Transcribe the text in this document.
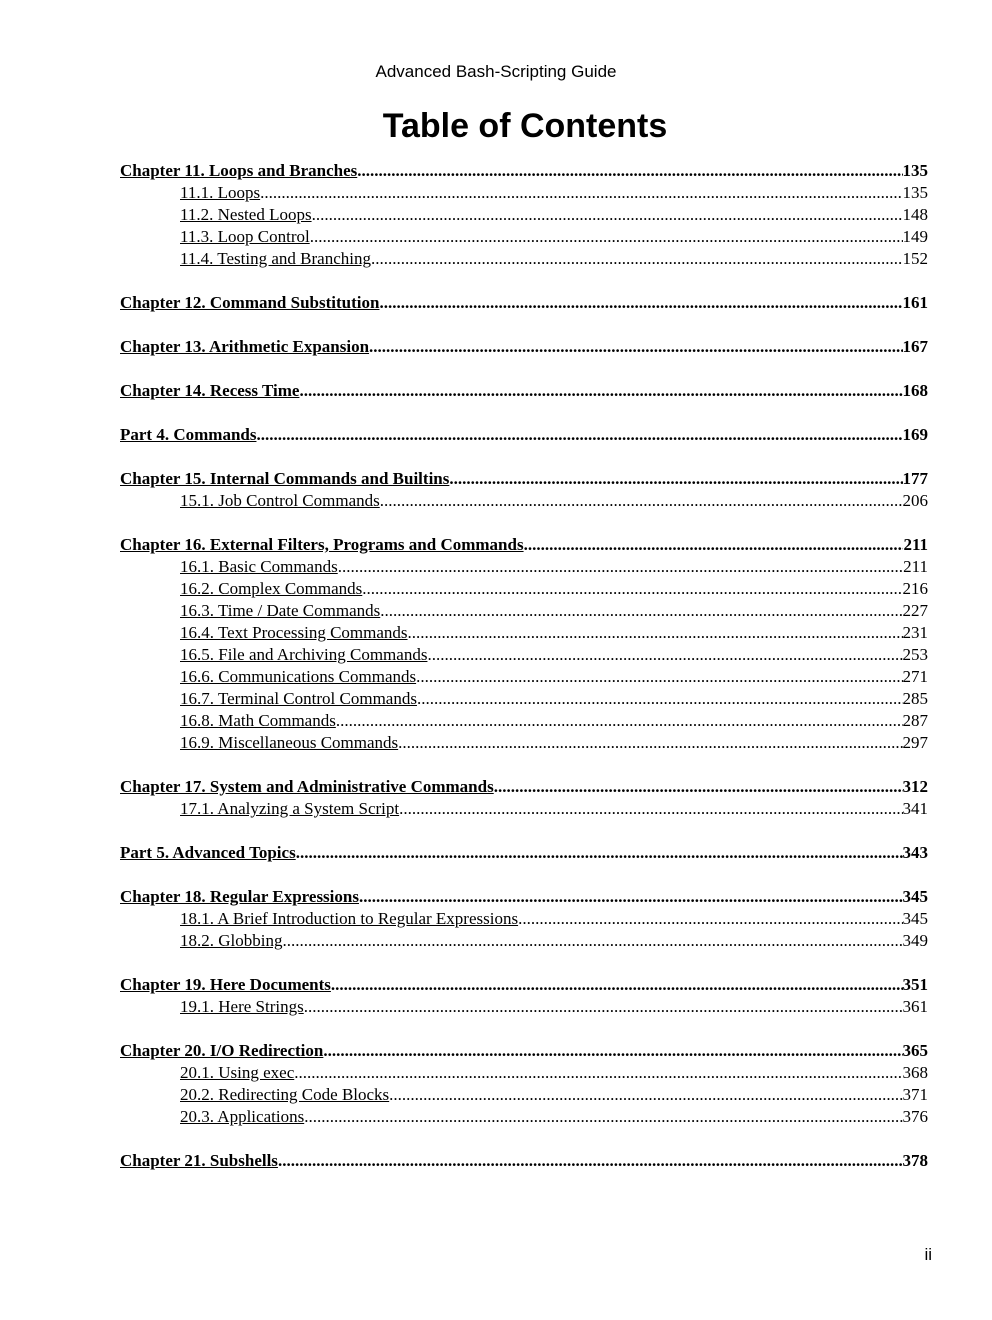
Advanced Bash-Scripting Guide
Table of Contents
Chapter 11. Loops and Branches .....	135
11.1. Loops .....	135
11.2. Nested Loops .....	148
11.3. Loop Control .....	149
11.4. Testing and Branching .....	152
Chapter 12. Command Substitution .....	161
Chapter 13. Arithmetic Expansion .....	167
Chapter 14. Recess Time .....	168
Part 4. Commands .....	169
Chapter 15. Internal Commands and Builtins .....	177
15.1. Job Control Commands .....	206
Chapter 16. External Filters, Programs and Commands .....	211
16.1. Basic Commands .....	211
16.2. Complex Commands .....	216
16.3. Time / Date Commands .....	227
16.4. Text Processing Commands .....	231
16.5. File and Archiving Commands .....	253
16.6. Communications Commands .....	271
16.7. Terminal Control Commands .....	285
16.8. Math Commands .....	287
16.9. Miscellaneous Commands .....	297
Chapter 17. System and Administrative Commands .....	312
17.1. Analyzing a System Script .....	341
Part 5. Advanced Topics .....	343
Chapter 18. Regular Expressions .....	345
18.1. A Brief Introduction to Regular Expressions .....	345
18.2. Globbing .....	349
Chapter 19. Here Documents .....	351
19.1. Here Strings .....	361
Chapter 20. I/O Redirection .....	365
20.1. Using exec .....	368
20.2. Redirecting Code Blocks .....	371
20.3. Applications .....	376
Chapter 21. Subshells .....	378
ii
